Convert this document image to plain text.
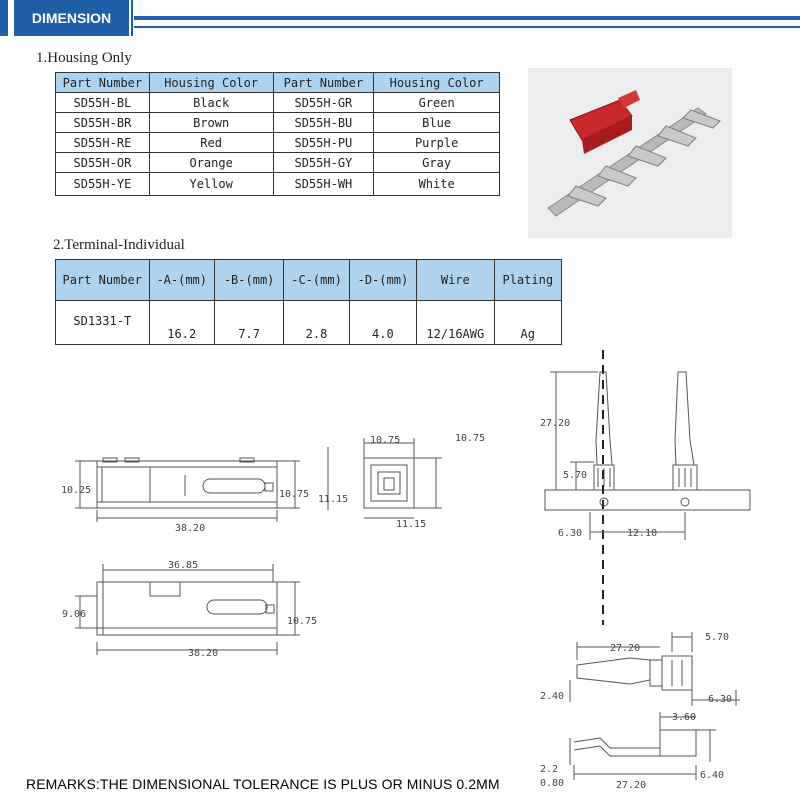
DIMENSION
1.Housing Only
Part Number	Housing Color	Part Number	Housing Color
SD55H-BL	Black	SD55H-GR	Green
SD55H-BR	Brown	SD55H-BU	Blue
SD55H-RE	Red	SD55H-PU	Purple
SD55H-OR	Orange	SD55H-GY	Gray
SD55H-YE	Yellow	SD55H-WH	White
2.Terminal-Individual
Part Number	-A-(mm)	-B-(mm)	-C-(mm)	-D-(mm)	Wire	Plating
SD1331-T	16.2	7.7	2.8	4.0	12/16AWG	Ag
10.25	10.75 11.15
38.20
10.75	10.75
11.15
36.85
9.06
10.75
38.20
27.20
5.70
6.30	12.10
27.20
5.70
2.40	6.30
3.60
2.2
0.80	27.20
6.40
REMARKS:THE DIMENSIONAL TOLERANCE IS PLUS OR MINUS 0.2MM
